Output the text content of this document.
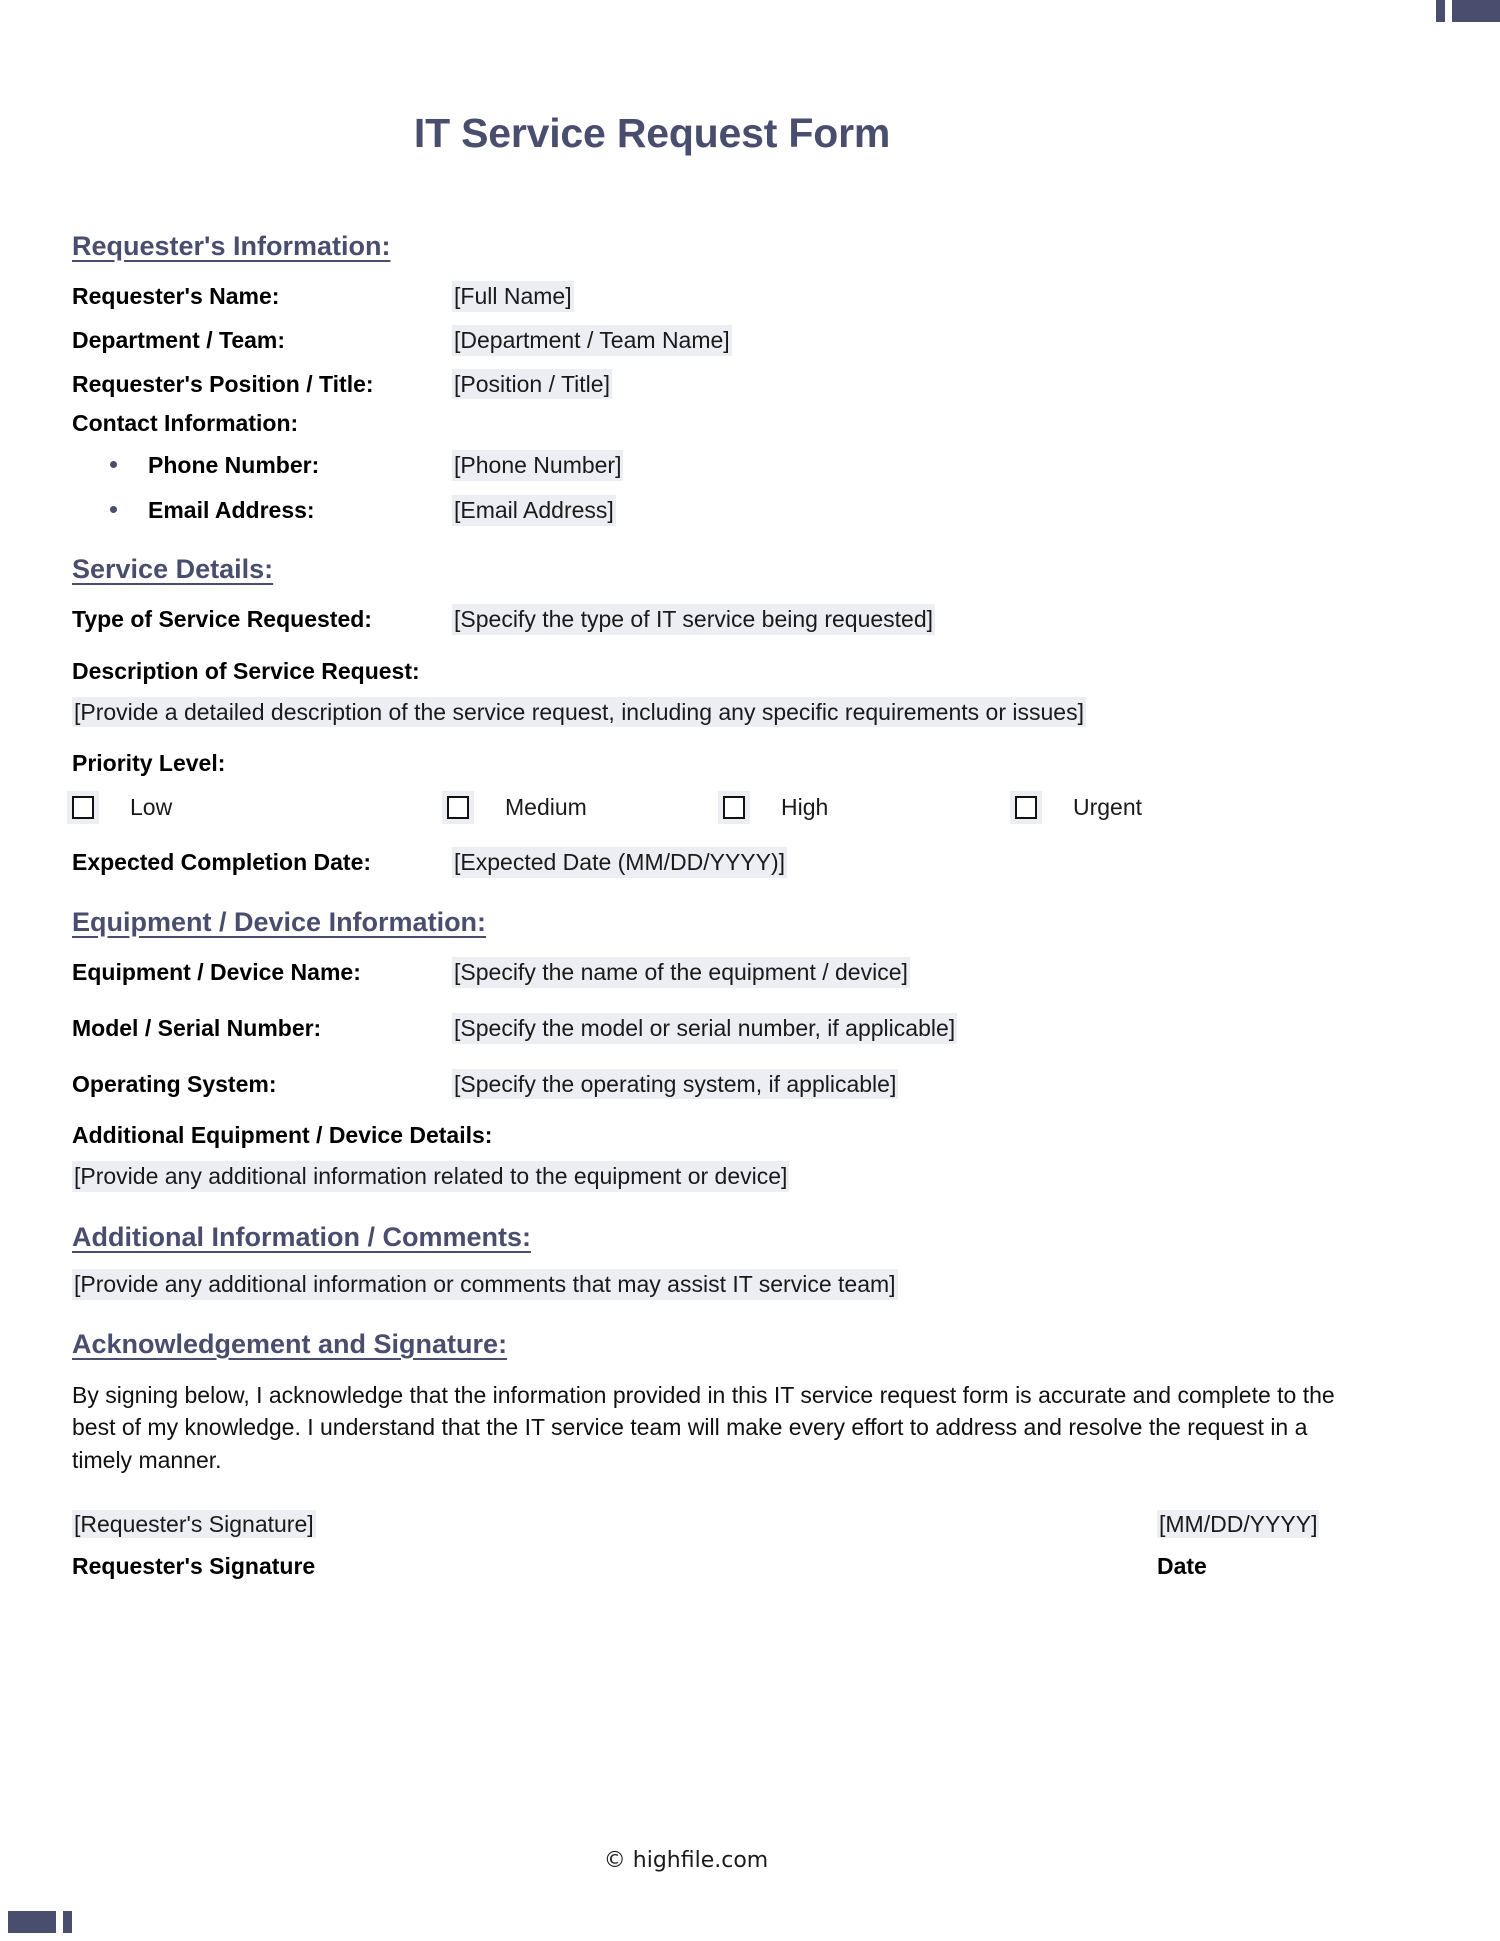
IT Service Request Form
Requester's Information:
Requester's Name:	[Full Name]
Department / Team:	[Department / Team Name]
Requester's Position / Title:	[Position / Title]
Contact Information:
Phone Number:	[Phone Number]
Email Address:	[Email Address]
Service Details:
Type of Service Requested:	[Specify the type of IT service being requested]
Description of Service Request:
[Provide a detailed description of the service request, including any specific requirements or issues]
Priority Level:
Low	Medium	High	Urgent
Expected Completion Date:	[Expected Date (MM/DD/YYYY)]
Equipment / Device Information:
Equipment / Device Name:	[Specify the name of the equipment / device]
Model / Serial Number:	[Specify the model or serial number, if applicable]
Operating System:	[Specify the operating system, if applicable]
Additional Equipment / Device Details:
[Provide any additional information related to the equipment or device]
Additional Information / Comments:
[Provide any additional information or comments that may assist IT service team]
Acknowledgement and Signature:

By signing below, I acknowledge that the information provided in this IT service request form is accurate and complete to the best of my knowledge. I understand that the IT service team will make every effort to address and resolve the request in a timely manner.

[Requester's Signature]	[MM/DD/YYYY]
Requester's Signature	Date
© highfile.com
